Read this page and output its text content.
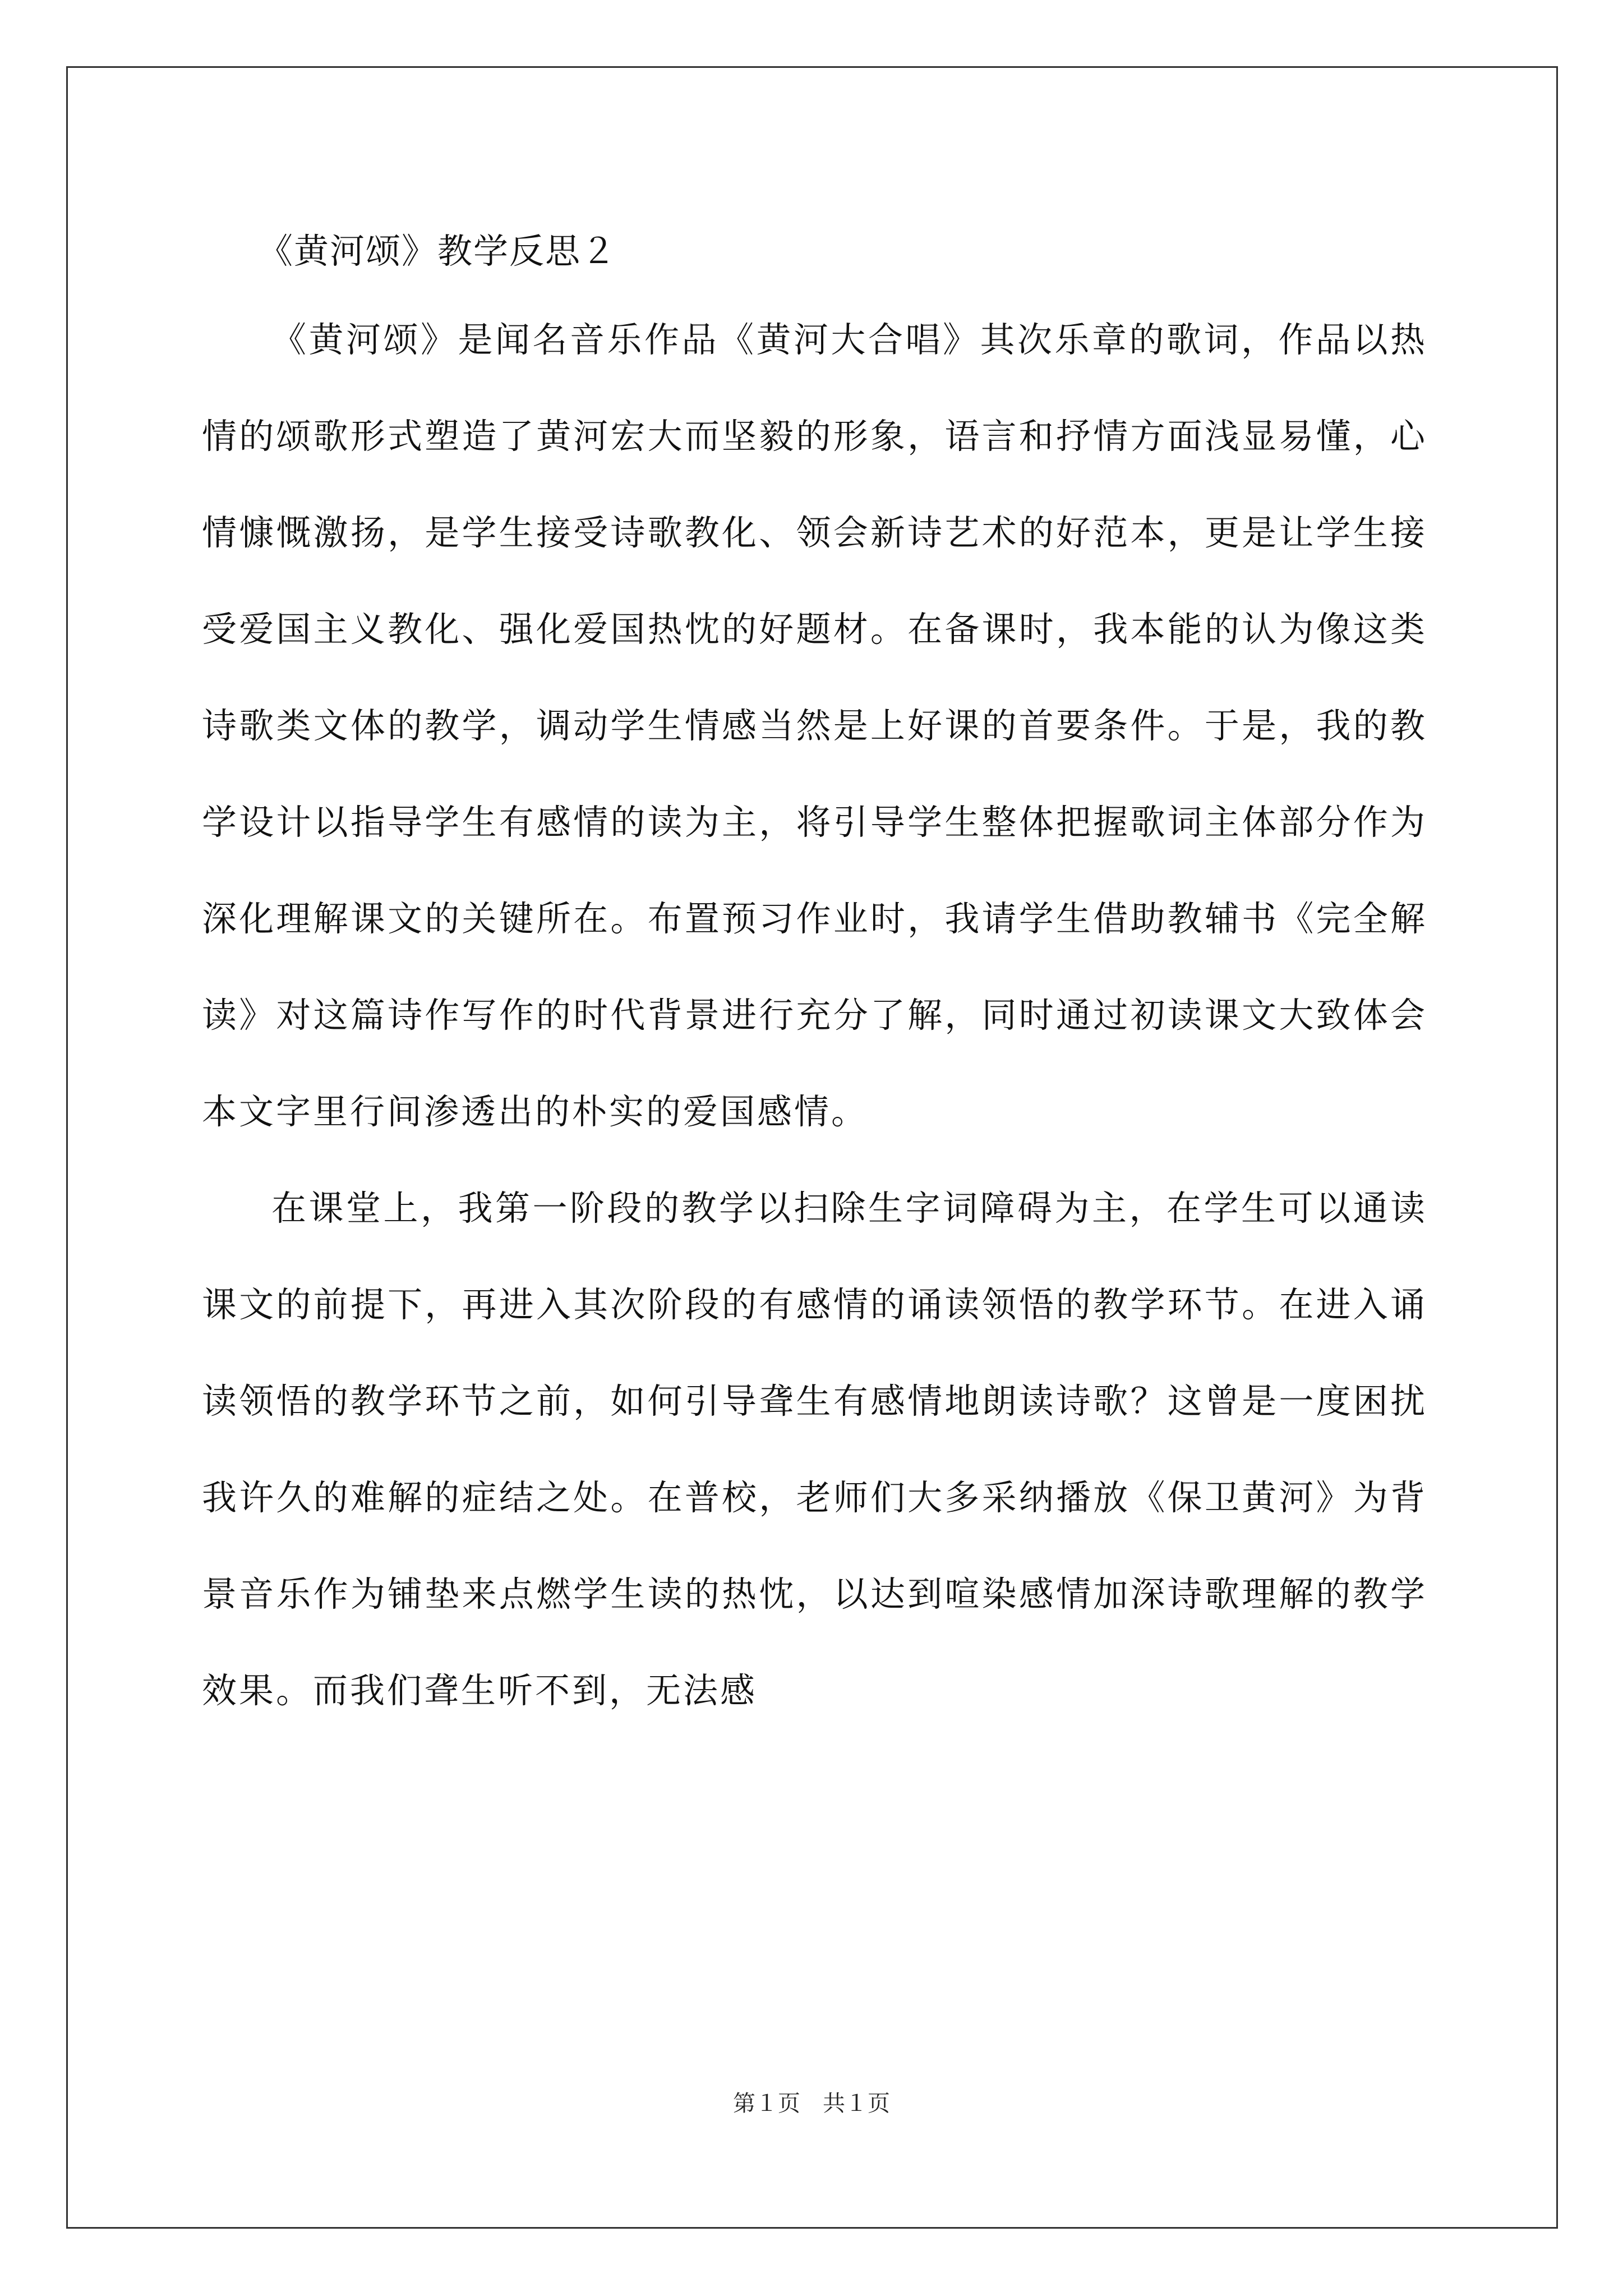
《黄河颂》教学反思２

《黄河颂》是闻名音乐作品《黄河大合唱》其次乐章的歌词，作品以热情的颂歌形式塑造了黄河宏大而坚毅的形象，语言和抒情方面浅显易懂，心情慷慨激扬，是学生接受诗歌教化、领会新诗艺术的好范本，更是让学生接受爱国主义教化、强化爱国热忱的好题材。在备课时，我本能的认为像这类诗歌类文体的教学，调动学生情感当然是上好课的首要条件。于是，我的教学设计以指导学生有感情的读为主，将引导学生整体把握歌词主体部分作为深化理解课文的关键所在。布置预习作业时，我请学生借助教辅书《完全解读》对这篇诗作写作的时代背景进行充分了解，同时通过初读课文大致体会本文字里行间渗透出的朴实的爱国感情。

在课堂上，我第一阶段的教学以扫除生字词障碍为主，在学生可以通读课文的前提下，再进入其次阶段的有感情的诵读领悟的教学环节。在进入诵读领悟的教学环节之前，如何引导聋生有感情地朗读诗歌？这曾是一度困扰我许久的难解的症结之处。在普校，老师们大多采纳播放《保卫黄河》为背景音乐作为铺垫来点燃学生读的热忱，以达到喧染感情加深诗歌理解的教学效果。而我们聋生听不到，无法感

第１页　共１页
